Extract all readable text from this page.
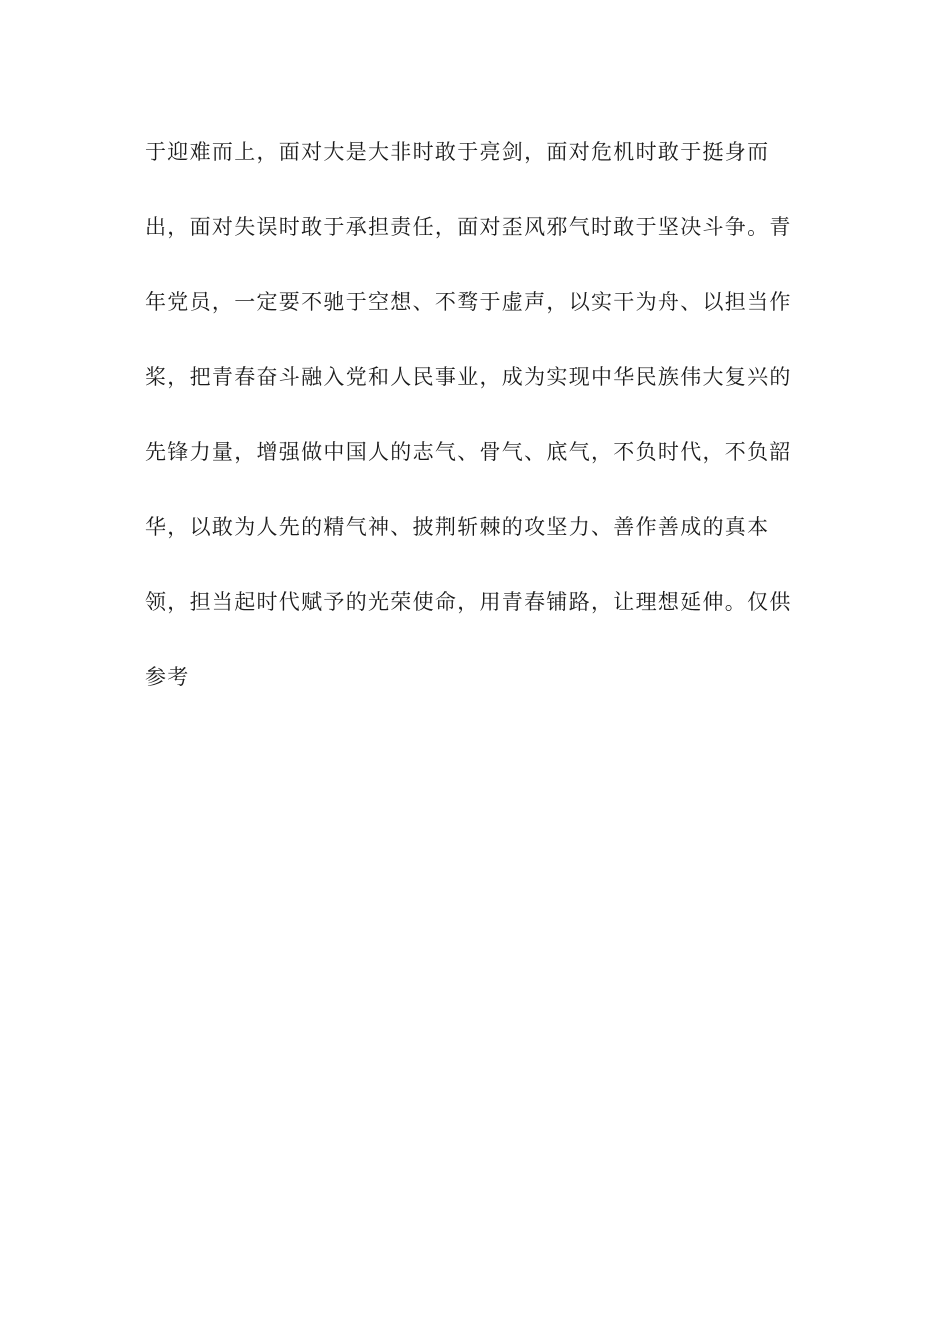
于迎难而上，面对大是大非时敢于亮剑，面对危机时敢于挺身而
出，面对失误时敢于承担责任，面对歪风邪气时敢于坚决斗争。青
年党员，一定要不驰于空想、不骛于虚声，以实干为舟、以担当作
桨，把青春奋斗融入党和人民事业，成为实现中华民族伟大复兴的
先锋力量，增强做中国人的志气、骨气、底气，不负时代，不负韶
华，以敢为人先的精气神、披荆斩棘的攻坚力、善作善成的真本
领，担当起时代赋予的光荣使命，用青春铺路，让理想延伸。仅供
参考
